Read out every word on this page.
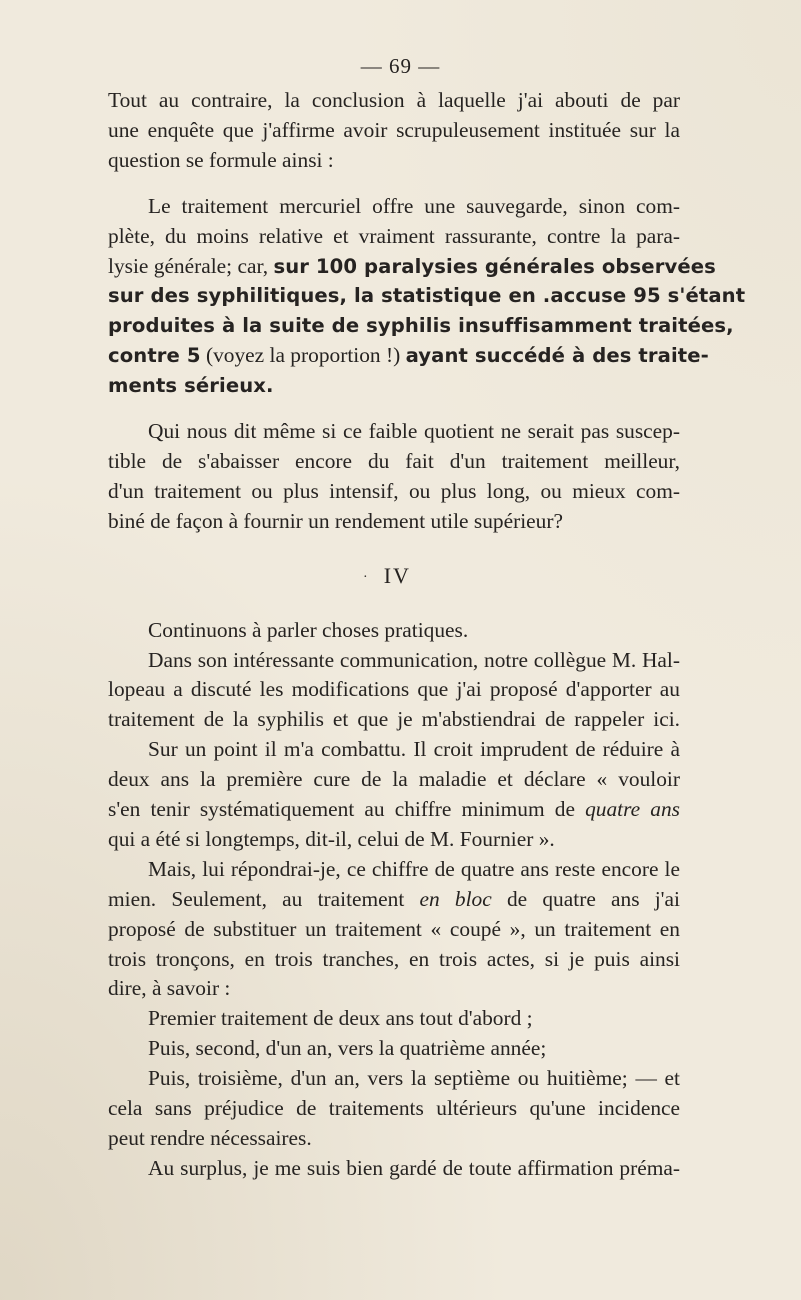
— 69 —

Tout au contraire, la conclusion à laquelle j'ai abouti de par
une enquête que j'affirme avoir scrupuleusement instituée sur la
question se formule ainsi :

Le traitement mercuriel offre une sauvegarde, sinon com-
plète, du moins relative et vraiment rassurante, contre la para-
lysie générale; car, sur 100 paralysies générales observées
sur des syphilitiques, la statistique en .accuse 95 s'étant
produites à la suite de syphilis insuffisamment traitées,
contre 5 (voyez la proportion !) ayant succédé à des traite-
ments sérieux.

Qui nous dit même si ce faible quotient ne serait pas suscep-
tible de s'abaisser encore du fait d'un traitement meilleur,
d'un traitement ou plus intensif, ou plus long, ou mieux com-
biné de façon à fournir un rendement utile supérieur?

· IV

Continuons à parler choses pratiques.

Dans son intéressante communication, notre collègue M. Hal-
lopeau a discuté les modifications que j'ai proposé d'apporter au
traitement de la syphilis et que je m'abstiendrai de rappeler ici.

Sur un point il m'a combattu. Il croit imprudent de réduire à
deux ans la première cure de la maladie et déclare « vouloir
s'en tenir systématiquement au chiffre minimum de quatre ans
qui a été si longtemps, dit-il, celui de M. Fournier ».

Mais, lui répondrai-je, ce chiffre de quatre ans reste encore le
mien. Seulement, au traitement en bloc de quatre ans j'ai
proposé de substituer un traitement « coupé », un traitement en
trois tronçons, en trois tranches, en trois actes, si je puis ainsi
dire, à savoir :

Premier traitement de deux ans tout d'abord ;

Puis, second, d'un an, vers la quatrième année;

Puis, troisième, d'un an, vers la septième ou huitième; — et
cela sans préjudice de traitements ultérieurs qu'une incidence
peut rendre nécessaires.

Au surplus, je me suis bien gardé de toute affirmation préma-
